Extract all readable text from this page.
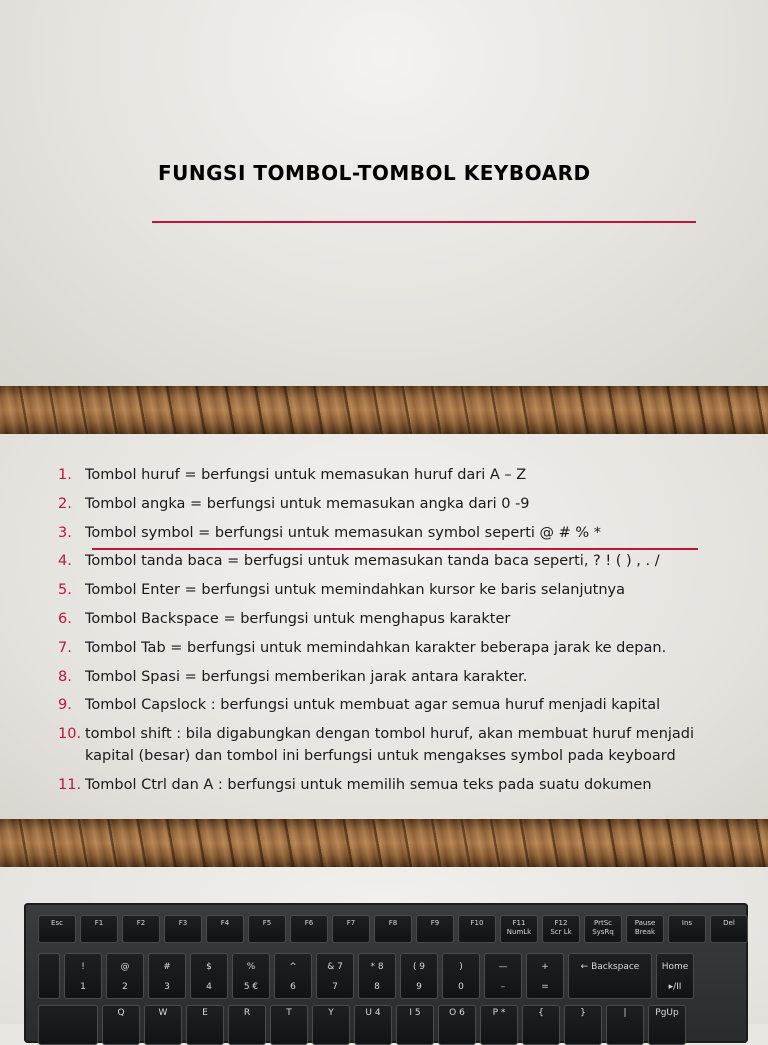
FUNGSI TOMBOL-TOMBOL KEYBOARD
1. Tombol huruf = berfungsi untuk memasukan huruf dari A – Z
2. Tombol angka = berfungsi untuk memasukan angka dari 0 -9
3. Tombol symbol = berfungsi untuk memasukan symbol seperti @ # % *
4. Tombol tanda baca = berfugsi untuk memasukan tanda baca seperti, ? ! ( ) , . /
5. Tombol Enter = berfungsi untuk memindahkan kursor ke baris selanjutnya
6. Tombol Backspace = berfungsi untuk menghapus karakter
7. Tombol Tab = berfungsi untuk memindahkan karakter beberapa jarak ke depan.
8. Tombol Spasi = berfungsi memberikan jarak antara karakter.
9. Tombol Capslock : berfungsi untuk membuat agar semua huruf menjadi kapital
10. tombol shift : bila digabungkan dengan tombol huruf, akan membuat huruf menjadi kapital (besar) dan tombol ini berfungsi untuk mengakses symbol pada keyboard
11. Tombol Ctrl dan A : berfungsi untuk memilih semua teks pada suatu dokumen
Esc	F1	F2	F3	F4	F5	F6	F7	F8	F9	F10	F11
NumLk
F12
Scr Lk
PrtSc
SysRq
Pause
Break
Ins	Del
!
1
@
2
#
3
$
4
%
5 €
^
6
& 7
7
* 8
8
( 9
9
)
0
—
–
+
=
← Backspace	Home
▸/II
Q	W	E	R	T	Y	U 4	I 5	O 6	P *	{	}	|	PgUp
